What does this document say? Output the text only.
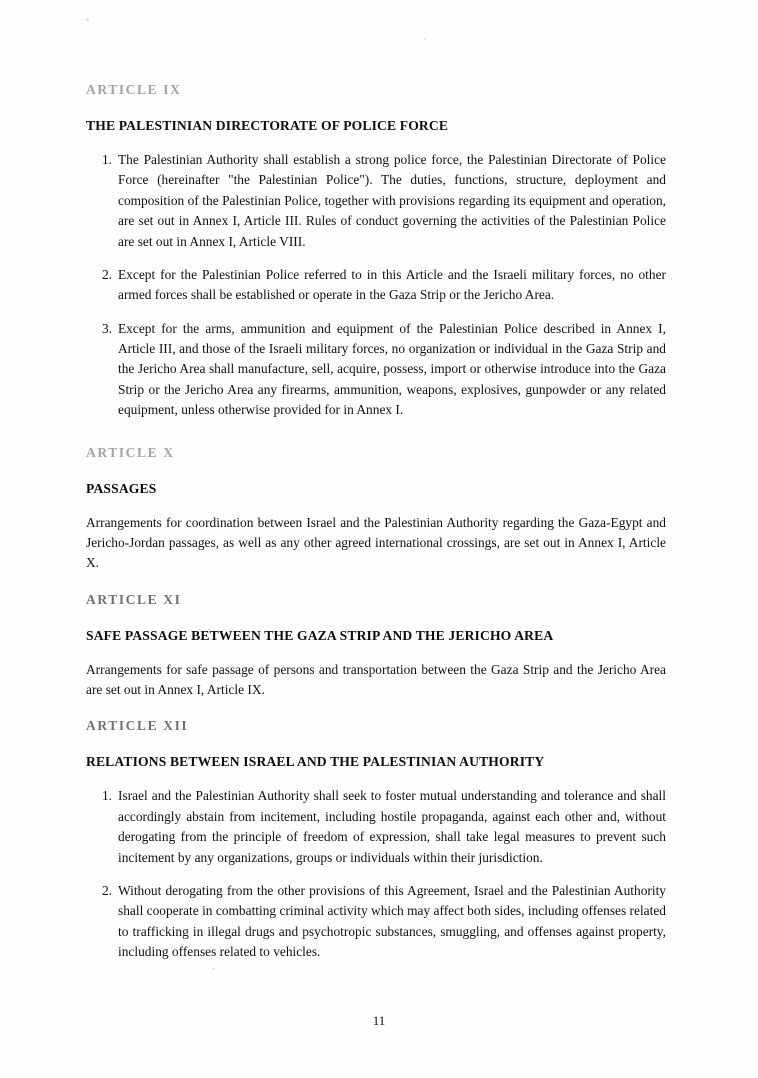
ARTICLE IX
THE PALESTINIAN DIRECTORATE OF POLICE FORCE
1. The Palestinian Authority shall establish a strong police force, the Palestinian Directorate of Police Force (hereinafter "the Palestinian Police"). The duties, functions, structure, deployment and composition of the Palestinian Police, together with provisions regarding its equipment and operation, are set out in Annex I, Article III. Rules of conduct governing the activities of the Palestinian Police are set out in Annex I, Article VIII.
2. Except for the Palestinian Police referred to in this Article and the Israeli military forces, no other armed forces shall be established or operate in the Gaza Strip or the Jericho Area.
3. Except for the arms, ammunition and equipment of the Palestinian Police described in Annex I, Article III, and those of the Israeli military forces, no organization or individual in the Gaza Strip and the Jericho Area shall manufacture, sell, acquire, possess, import or otherwise introduce into the Gaza Strip or the Jericho Area any firearms, ammunition, weapons, explosives, gunpowder or any related equipment, unless otherwise provided for in Annex I.
ARTICLE X
PASSAGES

Arrangements for coordination between Israel and the Palestinian Authority regarding the Gaza-Egypt and Jericho-Jordan passages, as well as any other agreed international crossings, are set out in Annex I, Article X.

ARTICLE XI
SAFE PASSAGE BETWEEN THE GAZA STRIP AND THE JERICHO AREA

Arrangements for safe passage of persons and transportation between the Gaza Strip and the Jericho Area are set out in Annex I, Article IX.

ARTICLE XII
RELATIONS BETWEEN ISRAEL AND THE PALESTINIAN AUTHORITY
1. Israel and the Palestinian Authority shall seek to foster mutual understanding and tolerance and shall accordingly abstain from incitement, including hostile propaganda, against each other and, without derogating from the principle of freedom of expression, shall take legal measures to prevent such incitement by any organizations, groups or individuals within their jurisdiction.
2. Without derogating from the other provisions of this Agreement, Israel and the Palestinian Authority shall cooperate in combatting criminal activity which may affect both sides, including offenses related to trafficking in illegal drugs and psychotropic substances, smuggling, and offenses against property, including offenses related to vehicles.
11
